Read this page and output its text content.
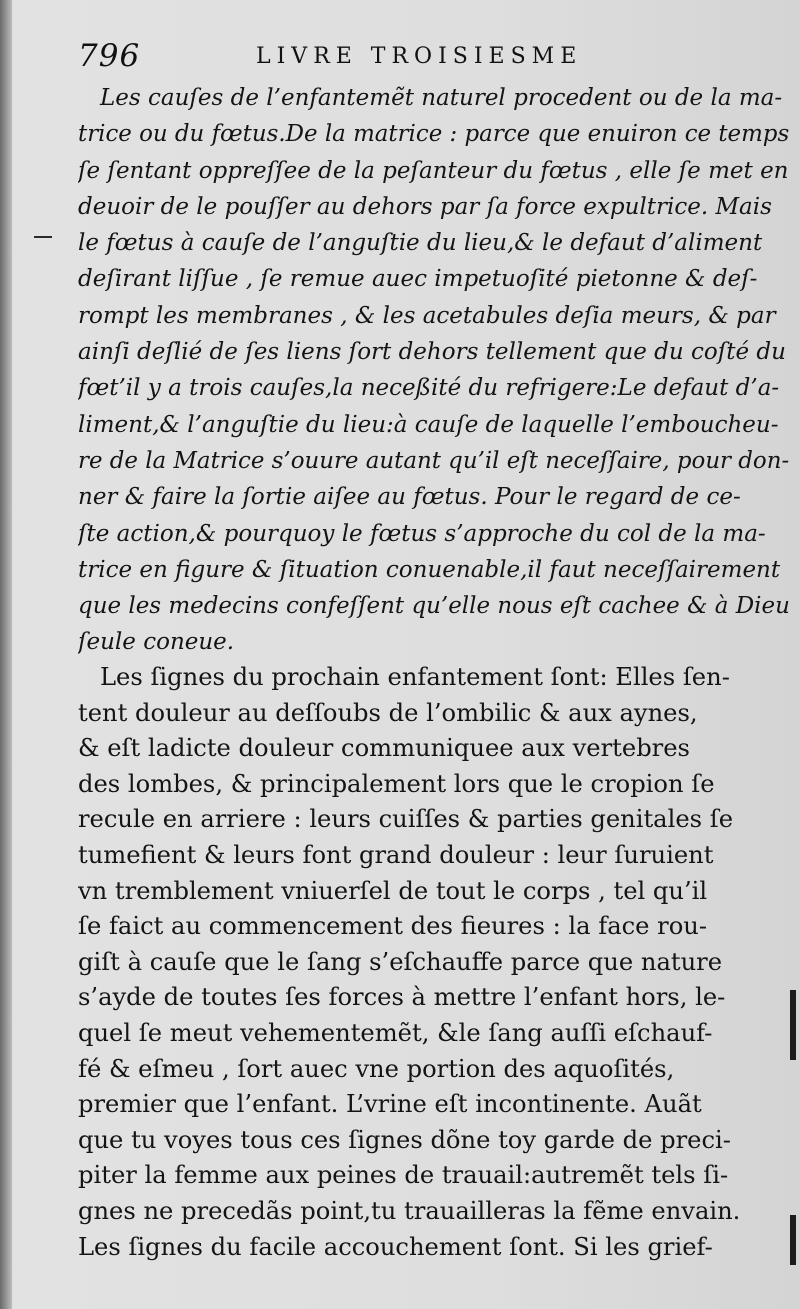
796	LIVRE TROISIESME
Les cauſes de l’enfantemẽt naturel procedent ou de la ma-
trice ou du fœtus.De la matrice : parce que enuiron ce temps
ſe ſentant oppreſſee de la peſanteur du fœtus , elle ſe met en
deuoir de le pouſſer au dehors par ſa force expultrice. Mais
le fœtus à cauſe de l’anguſtie du lieu,& le defaut d’aliment
deſirant liſſue , ſe remue auec impetuoſité pietonne & deſ-
rompt les membranes , & les acetabules deſia meurs, & par
ainſi deſlié de ſes liens ſort dehors tellement que du coſté du
fœt’il y a trois cauſes,la neceßité du refrigere:Le defaut d’a-
liment,& l’anguſtie du lieu:à cauſe de laquelle l’emboucheu-
re de la Matrice s’ouure autant qu’il eſt neceſſaire, pour don-
ner & faire la ſortie aiſee au fœtus. Pour le regard de ce-
ſte action,& pourquoy le fœtus s’approche du col de la ma-
trice en figure & ſituation conuenable,il faut neceſſairement
que les medecins confeſſent qu’elle nous eſt cachee & à Dieu
ſeule coneue.
Les ſignes du prochain enfantement ſont: Elles ſen-
tent douleur au deſſoubs de l’ombilic & aux aynes,
& eſt ladicte douleur communiquee aux vertebres
des lombes, & principalement lors que le cropion ſe
recule en arriere : leurs cuiſſes & parties genitales ſe
tumefient & leurs font grand douleur : leur ſuruient
vn tremblement vniuerſel de tout le corps , tel qu’il
ſe faict au commencement des fieures : la face rou-
giſt à cauſe que le ſang s’eſchauffe parce que nature
s’ayde de toutes ſes forces à mettre l’enfant hors, le-
quel ſe meut vehementemẽt, &le ſang auſſi eſchauf-
fé & eſmeu , ſort auec vne portion des aquoſités,
premier que l’enfant. L’vrine eſt incontinente. Auãt
que tu voyes tous ces ſignes dõne toy garde de preci-
piter la femme aux peines de trauail:autremẽt tels ſi-
gnes ne precedãs point,tu trauailleras la fẽme envain.
Les ſignes du facile accouchement ſont. Si les grief-
